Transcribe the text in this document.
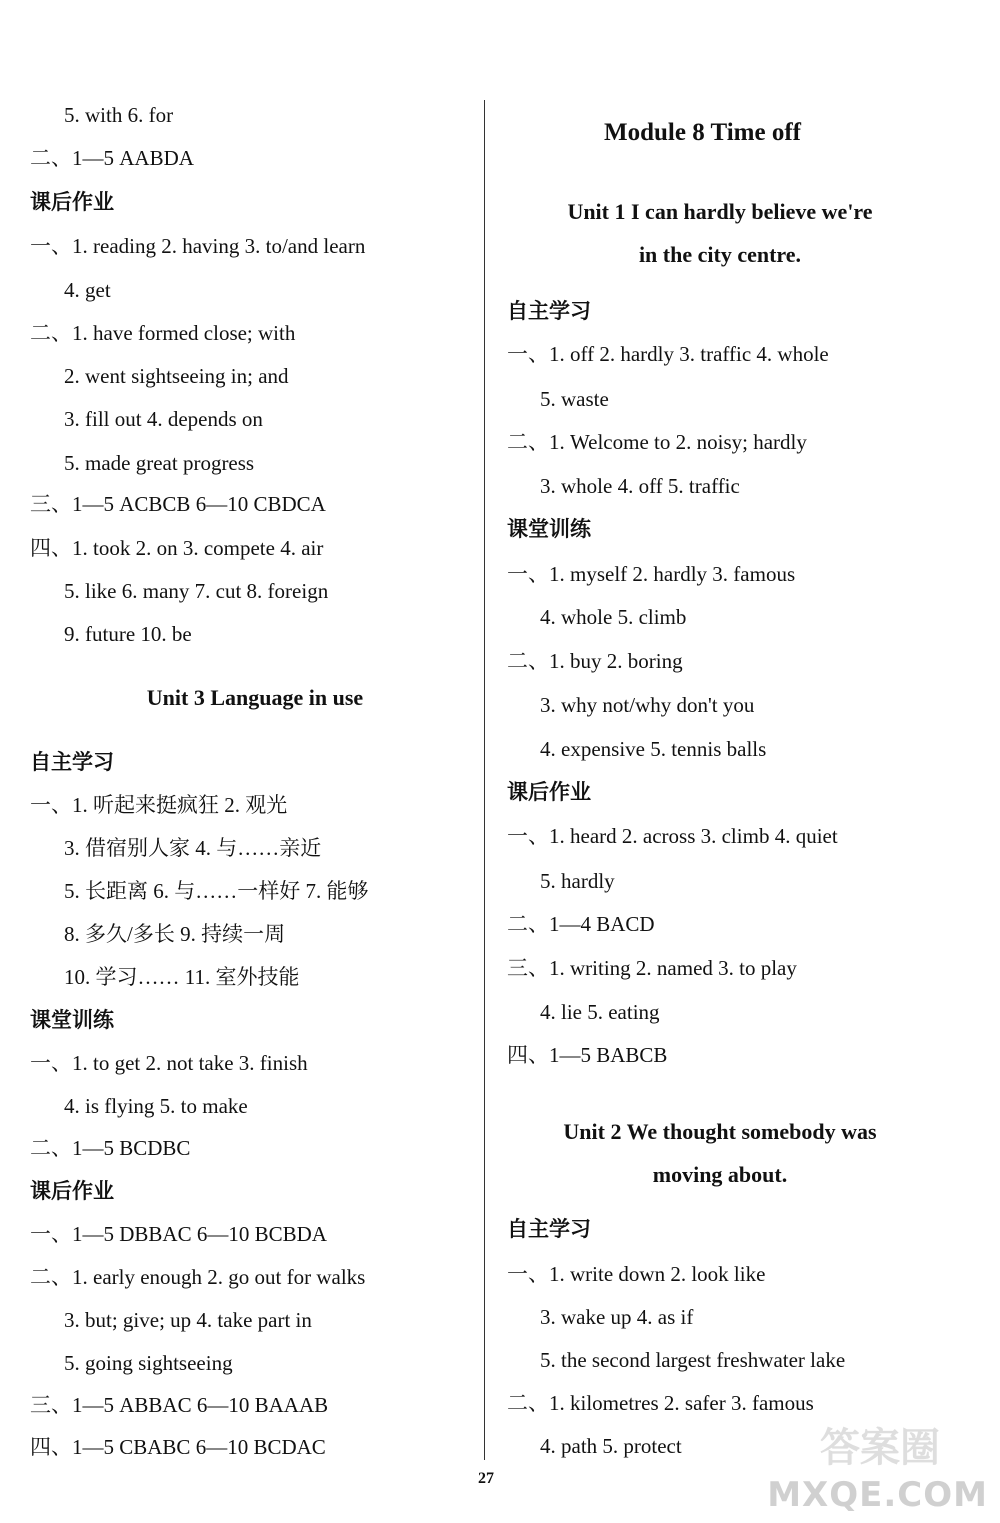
5. with 6. for
二、1—5 AABDA
课后作业
一、1. reading 2. having 3. to/and learn
4. get
二、1. have formed close; with
2. went sightseeing in; and
3. fill out 4. depends on
5. made great progress
三、1—5 ACBCB 6—10 CBDCA
四、1. took 2. on 3. compete 4. air
5. like 6. many 7. cut 8. foreign
9. future 10. be
Unit 3 Language in use
自主学习
一、1. 听起来挺疯狂 2. 观光
3. 借宿别人家 4. 与……亲近
5. 长距离 6. 与……一样好 7. 能够
8. 多久/多长 9. 持续一周
10. 学习…… 11. 室外技能
课堂训练
一、1. to get 2. not take 3. finish
4. is flying 5. to make
二、1—5 BCDBC
课后作业
一、1—5 DBBAC 6—10 BCBDA
二、1. early enough 2. go out for walks
3. but; give; up 4. take part in
5. going sightseeing
三、1—5 ABBAC 6—10 BAAAB
四、1—5 CBABC 6—10 BCDAC
Module 8 Time off
Unit 1 I can hardly believe we're
in the city centre.
自主学习
一、1. off 2. hardly 3. traffic 4. whole
5. waste
二、1. Welcome to 2. noisy; hardly
3. whole 4. off 5. traffic
课堂训练
一、1. myself 2. hardly 3. famous
4. whole 5. climb
二、1. buy 2. boring
3. why not/why don't you
4. expensive 5. tennis balls
课后作业
一、1. heard 2. across 3. climb 4. quiet
5. hardly
二、1—4 BACD
三、1. writing 2. named 3. to play
4. lie 5. eating
四、1—5 BABCB
Unit 2 We thought somebody was
moving about.
自主学习
一、1. write down 2. look like
3. wake up 4. as if
5. the second largest freshwater lake
二、1. kilometres 2. safer 3. famous
4. path 5. protect
27
答案圈
MXQE.COM
